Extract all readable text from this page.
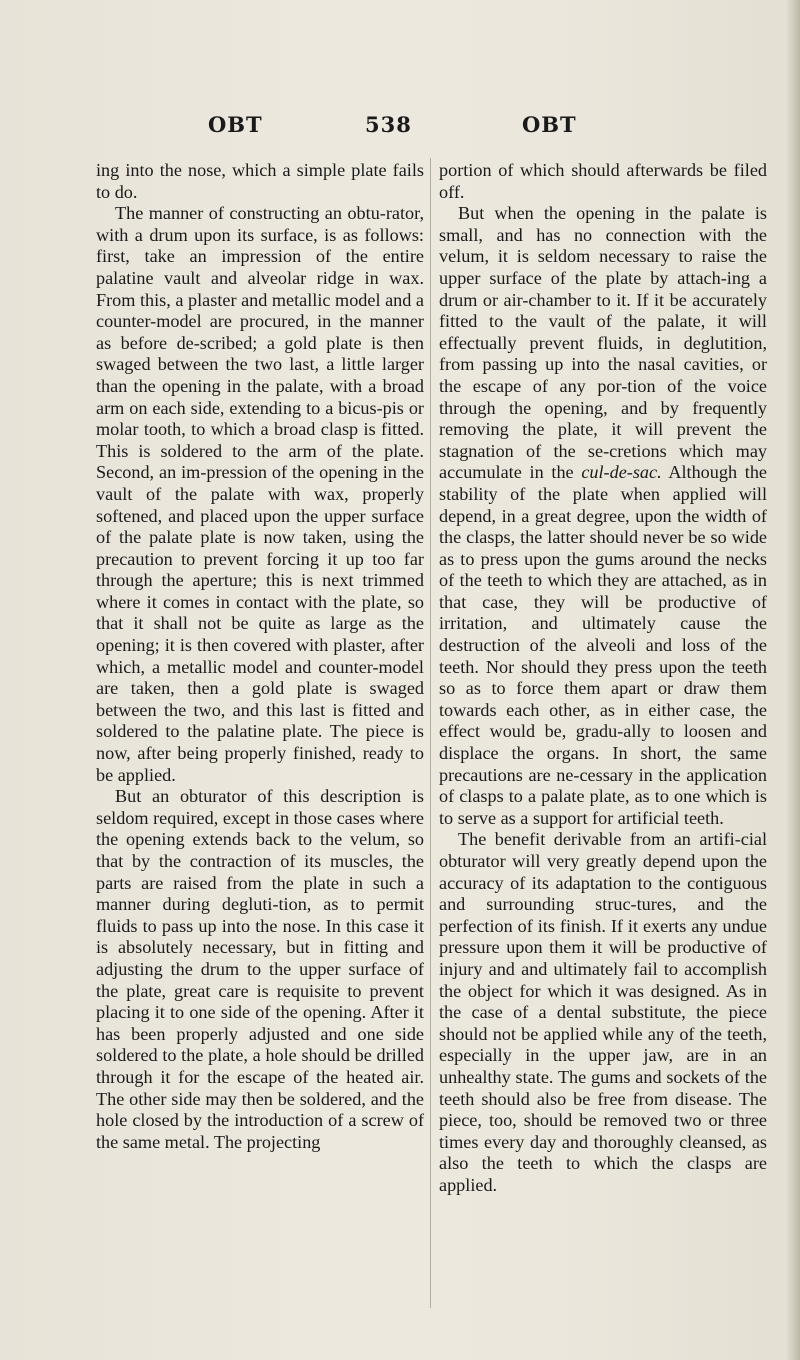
OBT	538	OBT

ing into the nose, which a simple plate fails to do.

The manner of constructing an obtu-rator, with a drum upon its surface, is as follows: first, take an impression of the entire palatine vault and alveolar ridge in wax. From this, a plaster and metallic model and a counter-model are procured, in the manner as before de-scribed; a gold plate is then swaged between the two last, a little larger than the opening in the palate, with a broad arm on each side, extending to a bicus-pis or molar tooth, to which a broad clasp is fitted. This is soldered to the arm of the plate. Second, an im-pression of the opening in the vault of the palate with wax, properly softened, and placed upon the upper surface of the palate plate is now taken, using the precaution to prevent forcing it up too far through the aperture; this is next trimmed where it comes in contact with the plate, so that it shall not be quite as large as the opening; it is then covered with plaster, after which, a metallic model and counter-model are taken, then a gold plate is swaged between the two, and this last is fitted and soldered to the palatine plate. The piece is now, after being properly finished, ready to be applied.

But an obturator of this description is seldom required, except in those cases where the opening extends back to the velum, so that by the contraction of its muscles, the parts are raised from the plate in such a manner during degluti-tion, as to permit fluids to pass up into the nose. In this case it is absolutely necessary, but in fitting and adjusting the drum to the upper surface of the plate, great care is requisite to prevent placing it to one side of the opening. After it has been properly adjusted and one side soldered to the plate, a hole should be drilled through it for the escape of the heated air. The other side may then be soldered, and the hole closed by the introduction of a screw of the same metal. The projecting

portion of which should afterwards be filed off.

But when the opening in the palate is small, and has no connection with the velum, it is seldom necessary to raise the upper surface of the plate by attach-ing a drum or air-chamber to it. If it be accurately fitted to the vault of the palate, it will effectually prevent fluids, in deglutition, from passing up into the nasal cavities, or the escape of any por-tion of the voice through the opening, and by frequently removing the plate, it will prevent the stagnation of the se-cretions which may accumulate in the cul-de-sac. Although the stability of the plate when applied will depend, in a great degree, upon the width of the clasps, the latter should never be so wide as to press upon the gums around the necks of the teeth to which they are attached, as in that case, they will be productive of irritation, and ultimately cause the destruction of the alveoli and loss of the teeth. Nor should they press upon the teeth so as to force them apart or draw them towards each other, as in either case, the effect would be, gradu-ally to loosen and displace the organs. In short, the same precautions are ne-cessary in the application of clasps to a palate plate, as to one which is to serve as a support for artificial teeth.

The benefit derivable from an artifi-cial obturator will very greatly depend upon the accuracy of its adaptation to the contiguous and surrounding struc-tures, and the perfection of its finish. If it exerts any undue pressure upon them it will be productive of injury and and ultimately fail to accomplish the object for which it was designed. As in the case of a dental substitute, the piece should not be applied while any of the teeth, especially in the upper jaw, are in an unhealthy state. The gums and sockets of the teeth should also be free from disease. The piece, too, should be removed two or three times every day and thoroughly cleansed, as also the teeth to which the clasps are applied.
